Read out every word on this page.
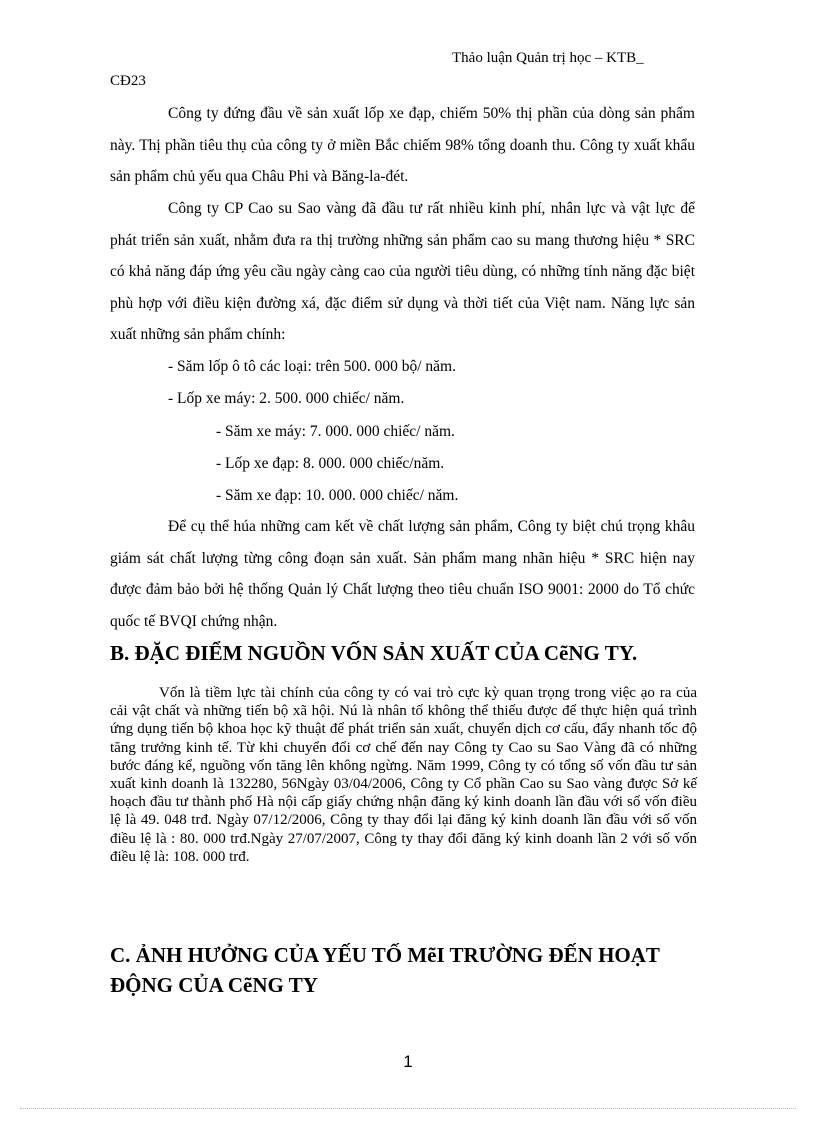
Thảo luận Quản trị học – KTB_
CĐ23

Công ty đứng đầu về sản xuất lốp xe đạp, chiếm 50% thị phần của dòng sản phẩm này. Thị phần tiêu thụ của công ty ở miền Bắc chiếm 98% tổng doanh thu. Công ty xuất khẩu sản phẩm chủ yếu qua Châu Phi và Băng-la-đét.

Công ty CP Cao su Sao vàng đã đầu tư rất nhiều kinh phí, nhân lực và vật lực để phát triển sản xuất, nhằm đưa ra thị trường những sản phẩm cao su mang thương hiệu * SRC có khả năng đáp ứng yêu cầu ngày càng cao của người tiêu dùng, có những tính năng đặc biệt phù hợp với điều kiện đường xá, đặc điểm sử dụng và thời tiết của Việt nam. Năng lực sản xuất những sản phẩm chính:

- Săm lốp ô tô các loại: trên 500. 000 bộ/ năm.
- Lốp xe máy: 2. 500. 000 chiếc/ năm.
- Săm xe máy: 7. 000. 000 chiếc/ năm.
- Lốp xe đạp: 8. 000. 000 chiếc/năm.
- Săm xe đạp: 10. 000. 000 chiếc/ năm.

Để cụ thể húa những cam kết về chất lượng sản phẩm, Công ty biệt chú trọng khâu giám sát chất lượng từng công đoạn sản xuất. Sản phẩm mang nhãn hiệu * SRC hiện nay được đảm bảo bởi hệ thống Quản lý Chất lượng theo tiêu chuẩn ISO 9001: 2000 do Tổ chức quốc tế BVQI chứng nhận.

B. ĐẶC ĐIỂM NGUỒN VỐN SẢN XUẤT CỦA CẽNG TY.

Vốn là tiềm lực tài chính của công ty có vai trò cực kỳ quan trọng trong việc ạo ra của cải vật chất và những tiến bộ xã hội. Nú là nhân tố không thể thiếu được để thực hiện quá trình ứng dụng tiến bộ khoa học kỹ thuật để phát triển sản xuất, chuyển dịch cơ cấu, đẩy nhanh tốc độ tăng trưởng kinh tế. Từ khi chuyển đổi cơ chế đến nay Công ty Cao su Sao Vàng đã có những bước đáng kể, nguồng vốn tăng lên không ngừng. Năm 1999, Công ty có tổng số vốn đầu tư sản xuất kinh doanh là 132280, 56Ngày 03/04/2006, Công ty Cổ phần Cao su Sao vàng được Sở kế hoạch đầu tư thành phố Hà nội cấp giấy chứng nhận đăng ký kinh doanh lần đầu với số vốn điều lệ là 49. 048 trđ. Ngày 07/12/2006, Công ty thay đổi lại đăng ký kinh doanh lần đầu với số vốn điều lệ là : 80. 000 trđ.Ngày 27/07/2007, Công ty thay đổi đăng ký kinh doanh lần 2 với số vốn điều lệ là: 108. 000 trđ.

C. ẢNH HƯỞNG CỦA YẾU TỐ MẽI TRƯỜNG ĐẾN HOẠT ĐỘNG CỦA CẽNG TY
1
